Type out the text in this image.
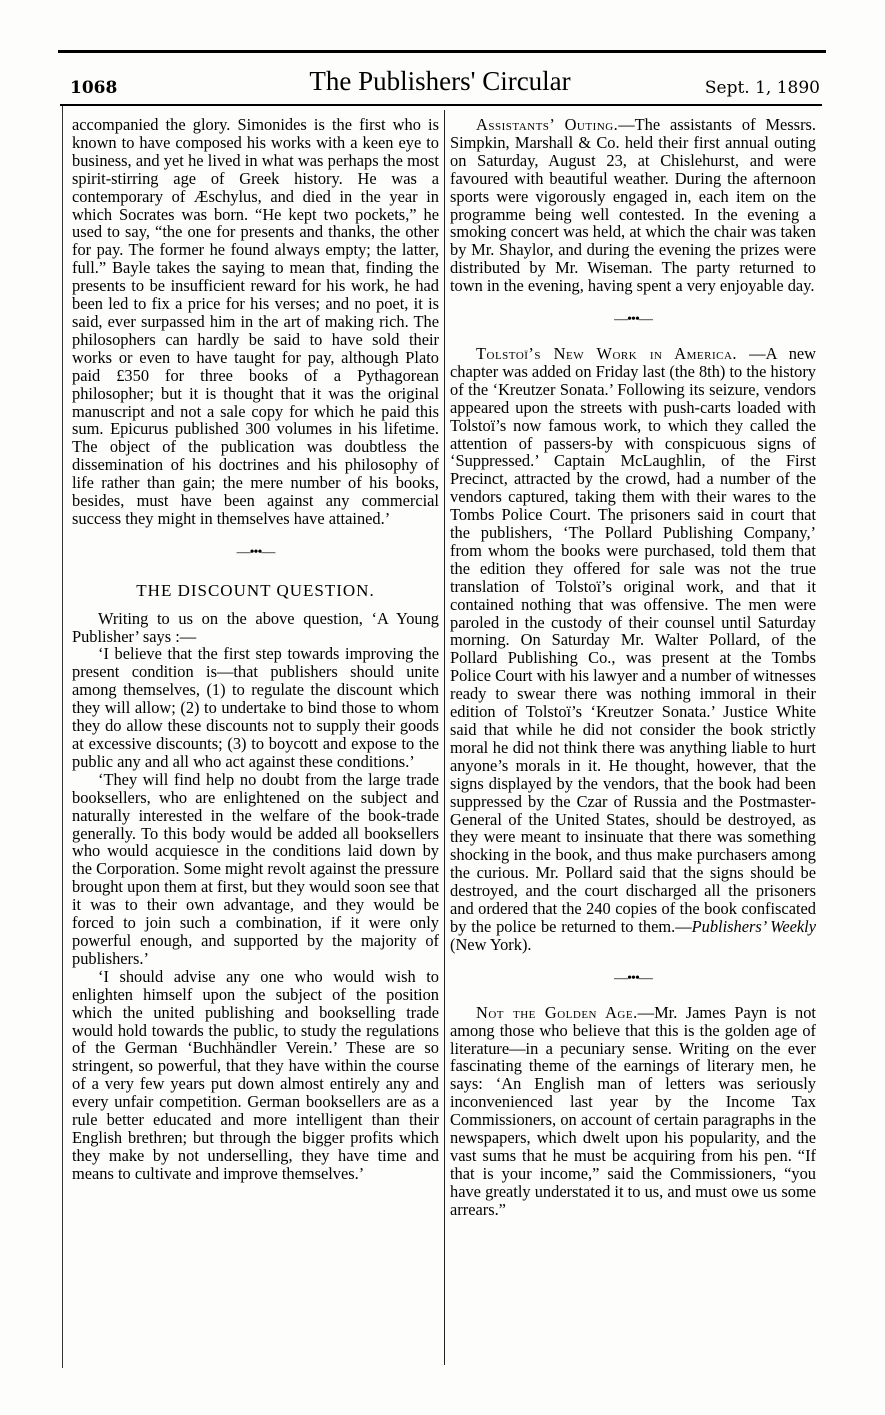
1068	The Publishers' Circular	Sept. 1, 1890

accompanied the glory. Simonides is the first who is known to have composed his works with a keen eye to business, and yet he lived in what was perhaps the most spirit-stirring age of Greek history. He was a contemporary of Æschylus, and died in the year in which Socrates was born. “He kept two pockets,” he used to say, “the one for presents and thanks, the other for pay. The former he found always empty; the latter, full.” Bayle takes the saying to mean that, finding the presents to be insufficient reward for his work, he had been led to fix a price for his verses; and no poet, it is said, ever surpassed him in the art of making rich. The philosophers can hardly be said to have sold their works or even to have taught for pay, although Plato paid £350 for three books of a Pythagorean philosopher; but it is thought that it was the original manuscript and not a sale copy for which he paid this sum. Epicurus published 300 volumes in his lifetime. The object of the publication was doubtless the dissemination of his doctrines and his philosophy of life rather than gain; the mere number of his books, besides, must have been against any commercial success they might in themselves have attained.’

—•••—
THE DISCOUNT QUESTION.

Writing to us on the above question, ‘A Young Publisher’ says :—

‘I believe that the first step towards improving the present condition is—that publishers should unite among themselves, (1) to regulate the discount which they will allow; (2) to undertake to bind those to whom they do allow these discounts not to supply their goods at excessive discounts; (3) to boycott and expose to the public any and all who act against these conditions.’

‘They will find help no doubt from the large trade booksellers, who are enlightened on the subject and naturally interested in the welfare of the book-trade generally. To this body would be added all booksellers who would acquiesce in the conditions laid down by the Corporation. Some might revolt against the pressure brought upon them at first, but they would soon see that it was to their own advantage, and they would be forced to join such a combination, if it were only powerful enough, and supported by the majority of publishers.’

‘I should advise any one who would wish to enlighten himself upon the subject of the position which the united publishing and bookselling trade would hold towards the public, to study the regulations of the German ‘Buchhändler Verein.’ These are so stringent, so powerful, that they have within the course of a very few years put down almost entirely any and every unfair competition. German booksellers are as a rule better educated and more intelligent than their English brethren; but through the bigger profits which they make by not underselling, they have time and means to cultivate and improve themselves.’

Assistants’ Outing.—The assistants of Messrs. Simpkin, Marshall & Co. held their first annual outing on Saturday, August 23, at Chislehurst, and were favoured with beautiful weather. During the afternoon sports were vigorously engaged in, each item on the programme being well contested. In the evening a smoking concert was held, at which the chair was taken by Mr. Shaylor, and during the evening the prizes were distributed by Mr. Wiseman. The party returned to town in the evening, having spent a very enjoyable day.

—•••—

Tolstoï’s New Work in America. —A new chapter was added on Friday last (the 8th) to the history of the ‘Kreutzer Sonata.’ Following its seizure, vendors appeared upon the streets with push-carts loaded with Tolstoï’s now famous work, to which they called the attention of passers-by with conspicuous signs of ‘Suppressed.’ Captain McLaughlin, of the First Precinct, attracted by the crowd, had a number of the vendors captured, taking them with their wares to the Tombs Police Court. The prisoners said in court that the publishers, ‘The Pollard Publishing Company,’ from whom the books were purchased, told them that the edition they offered for sale was not the true translation of Tolstoï’s original work, and that it contained nothing that was offensive. The men were paroled in the custody of their counsel until Saturday morning. On Saturday Mr. Walter Pollard, of the Pollard Publishing Co., was present at the Tombs Police Court with his lawyer and a number of witnesses ready to swear there was nothing immoral in their edition of Tolstoï’s ‘Kreutzer Sonata.’ Justice White said that while he did not consider the book strictly moral he did not think there was anything liable to hurt anyone’s morals in it. He thought, however, that the signs displayed by the vendors, that the book had been suppressed by the Czar of Russia and the Postmaster-General of the United States, should be destroyed, as they were meant to insinuate that there was something shocking in the book, and thus make purchasers among the curious. Mr. Pollard said that the signs should be destroyed, and the court discharged all the prisoners and ordered that the 240 copies of the book confiscated by the police be returned to them.—Publishers’ Weekly (New York).

—•••—

Not the Golden Age.—Mr. James Payn is not among those who believe that this is the golden age of literature—in a pecuniary sense. Writing on the ever fascinating theme of the earnings of literary men, he says: ‘An English man of letters was seriously inconvenienced last year by the Income Tax Commissioners, on account of certain paragraphs in the newspapers, which dwelt upon his popularity, and the vast sums that he must be acquiring from his pen. “If that is your income,” said the Commissioners, “you have greatly understated it to us, and must owe us some arrears.”
